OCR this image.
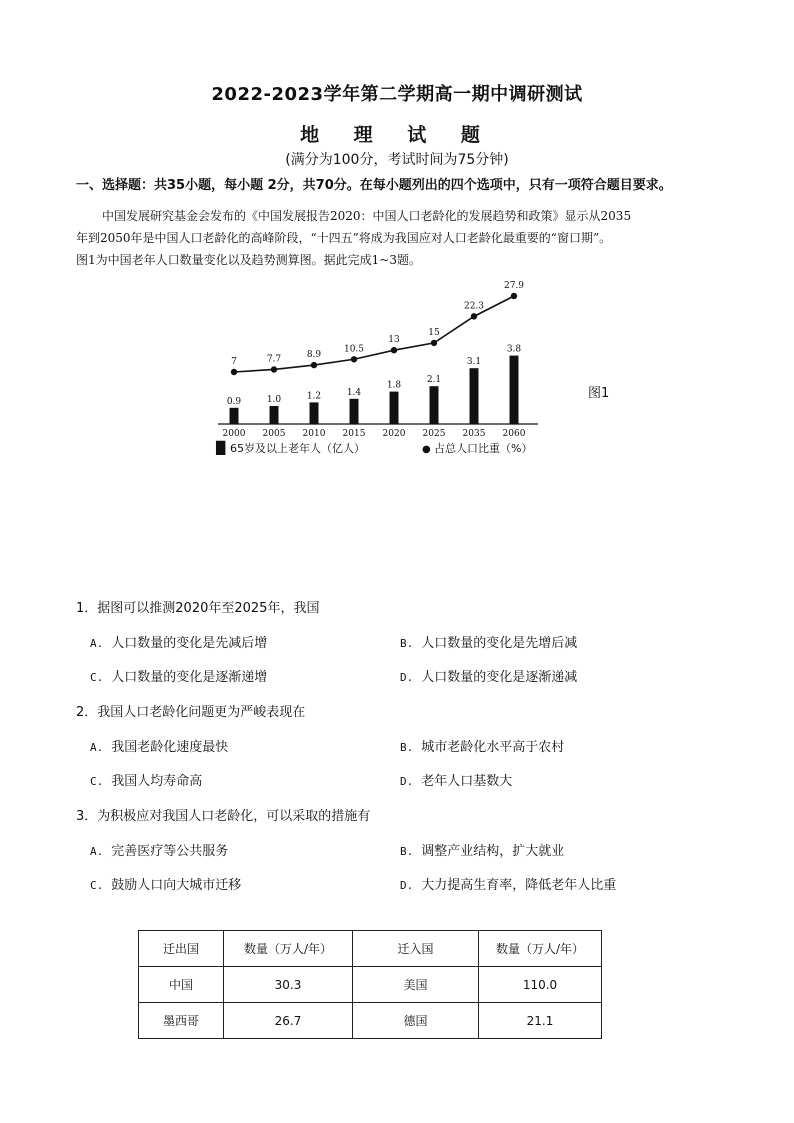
2022-2023学年第二学期高一期中调研测试
地 理 试 题
(满分为100分，考试时间为75分钟)
一、选择题：共35小题，每小题 2分，共70分。在每小题列出的四个选项中，只有一项符合题目要求。
中国发展研究基金会发布的《中国发展报告2020：中国人口老龄化的发展趋势和政策》显示从2035
年到2050年是中国人口老龄化的高峰阶段，“十四五”将成为我国应对人口老龄化最重要的“窗口期”。
图1为中国老年人口数量变化以及趋势测算图。据此完成1~3题。
0.9	1.0	1.2	1.4
1.8
2.1
3.1
3.8
7	7.7	8.9
10.5
13
15
22.3
27.9
2000 2005 2010 2015 2020 2025 2035 2060
█ 65岁及以上老年人（亿人）	● 占总人口比重（%）
图1
1．据图可以推测2020年至2025年，我国
A. 人口数量的变化是先减后增	B. 人口数量的变化是先增后减
C. 人口数量的变化是逐渐递增	D. 人口数量的变化是逐渐递减
2．我国人口老龄化问题更为严峻表现在
A. 我国老龄化速度最快	B. 城市老龄化水平高于农村
C. 我国人均寿命高	D. 老年人口基数大
3．为积极应对我国人口老龄化，可以采取的措施有
A. 完善医疗等公共服务	B. 调整产业结构，扩大就业
C. 鼓励人口向大城市迁移	D. 大力提高生育率，降低老年人比重
迁出国	数量（万人/年）	迁入国	数量（万人/年）
中国	30.3	美国	110.0
墨西哥	26.7	德国	21.1
